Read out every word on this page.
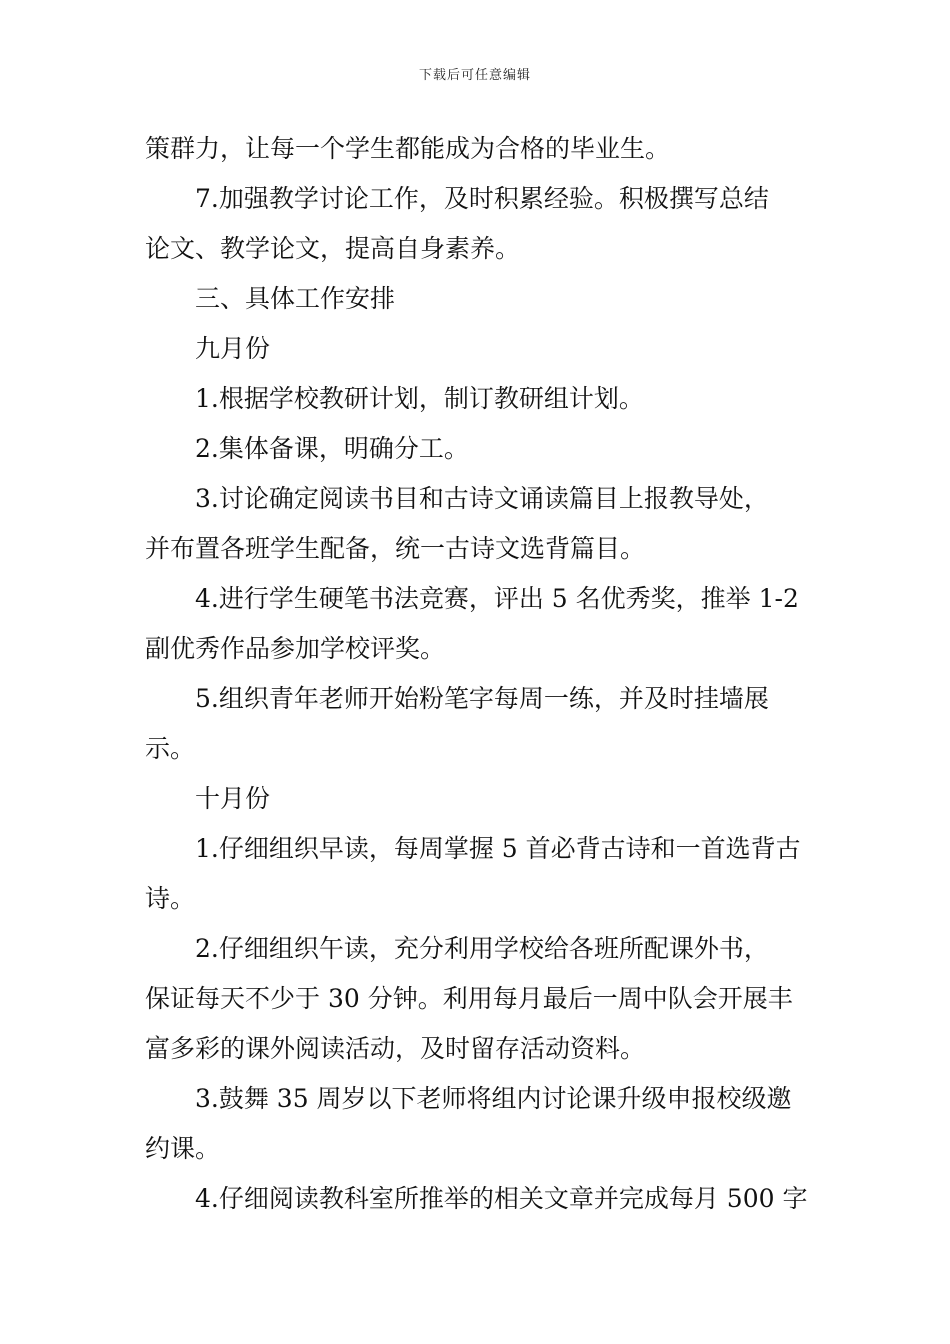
下载后可任意编辑

策群力，让每一个学生都能成为合格的毕业生。

7.加强教学讨论工作，及时积累经验。积极撰写总结

论文、教学论文，提高自身素养。

三、具体工作安排

九月份

1.根据学校教研计划，制订教研组计划。

2.集体备课，明确分工。

3.讨论确定阅读书目和古诗文诵读篇目上报教导处，

并布置各班学生配备，统一古诗文选背篇目。

4.进行学生硬笔书法竞赛，评出 5 名优秀奖，推举 1-2

副优秀作品参加学校评奖。

5.组织青年老师开始粉笔字每周一练，并及时挂墙展

示。

十月份

1.仔细组织早读，每周掌握 5 首必背古诗和一首选背古

诗。

2.仔细组织午读，充分利用学校给各班所配课外书，

保证每天不少于 30 分钟。利用每月最后一周中队会开展丰

富多彩的课外阅读活动，及时留存活动资料。

3.鼓舞 35 周岁以下老师将组内讨论课升级申报校级邀

约课。

4.仔细阅读教科室所推举的相关文章并完成每月 500 字
